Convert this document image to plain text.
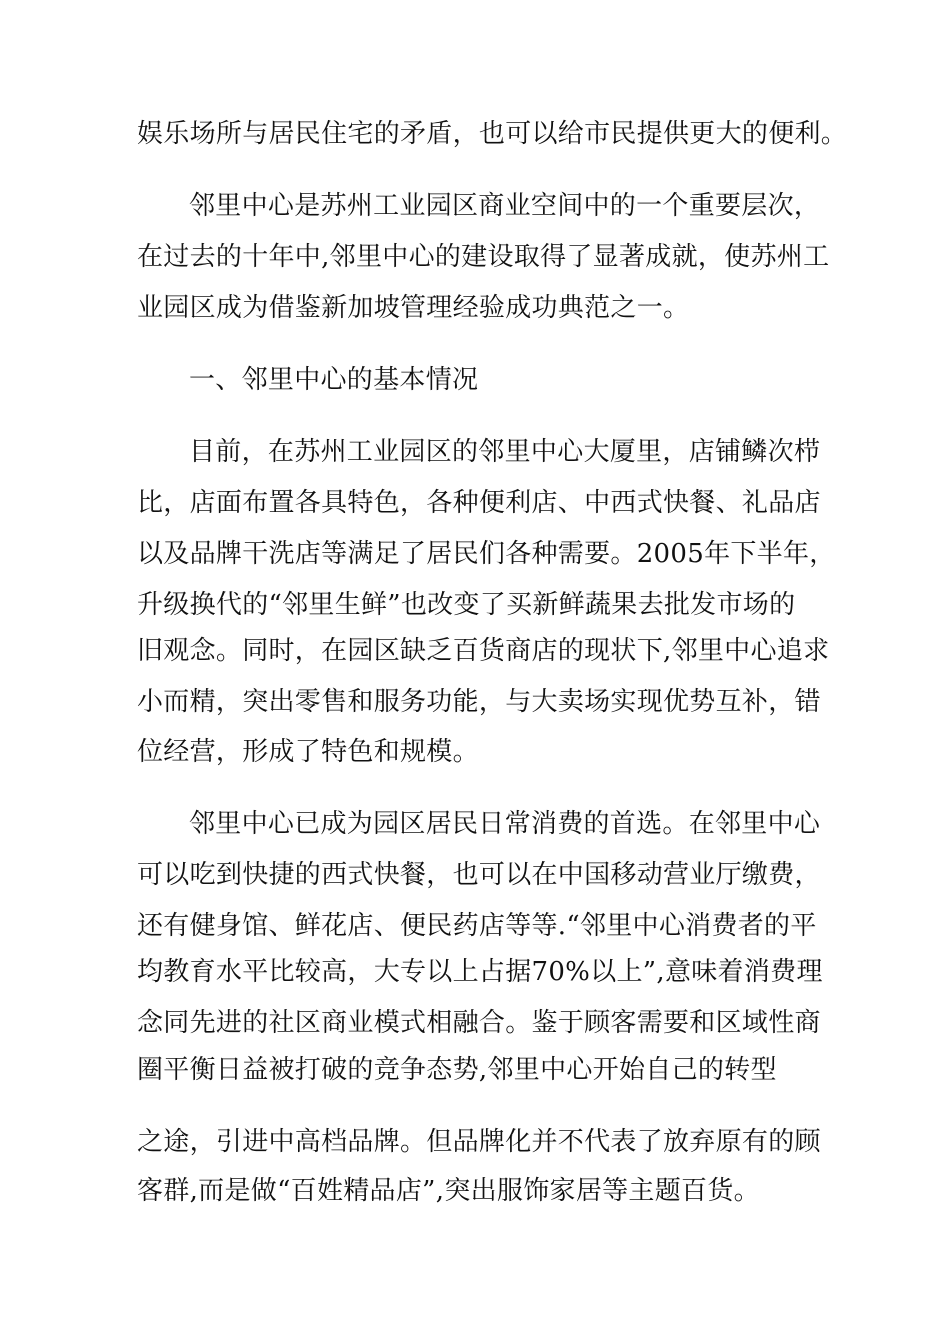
娱乐场所与居民住宅的矛盾，也可以给市民提供更大的便利。
邻里中心是苏州工业园区商业空间中的一个重要层次，
在过去的十年中,邻里中心的建设取得了显著成就，使苏州工
业园区成为借鉴新加坡管理经验成功典范之一。
一、邻里中心的基本情况
目前，在苏州工业园区的邻里中心大厦里，店铺鳞次栉
比，店面布置各具特色，各种便利店、中西式快餐、礼品店
以及品牌干洗店等满足了居民们各种需要。2005年下半年，
升级换代的“邻里生鲜”也改变了买新鲜蔬果去批发市场的
旧观念。同时，在园区缺乏百货商店的现状下,邻里中心追求
小而精，突出零售和服务功能，与大卖场实现优势互补，错
位经营，形成了特色和规模。
邻里中心已成为园区居民日常消费的首选。在邻里中心
可以吃到快捷的西式快餐，也可以在中国移动营业厅缴费，
还有健身馆、鲜花店、便民药店等等.“邻里中心消费者的平
均教育水平比较高，大专以上占据70%以上”,意味着消费理
念同先进的社区商业模式相融合。鉴于顾客需要和区域性商
圈平衡日益被打破的竞争态势,邻里中心开始自己的转型
之途，引进中高档品牌。但品牌化并不代表了放弃原有的顾
客群,而是做“百姓精品店”,突出服饰家居等主题百货。
